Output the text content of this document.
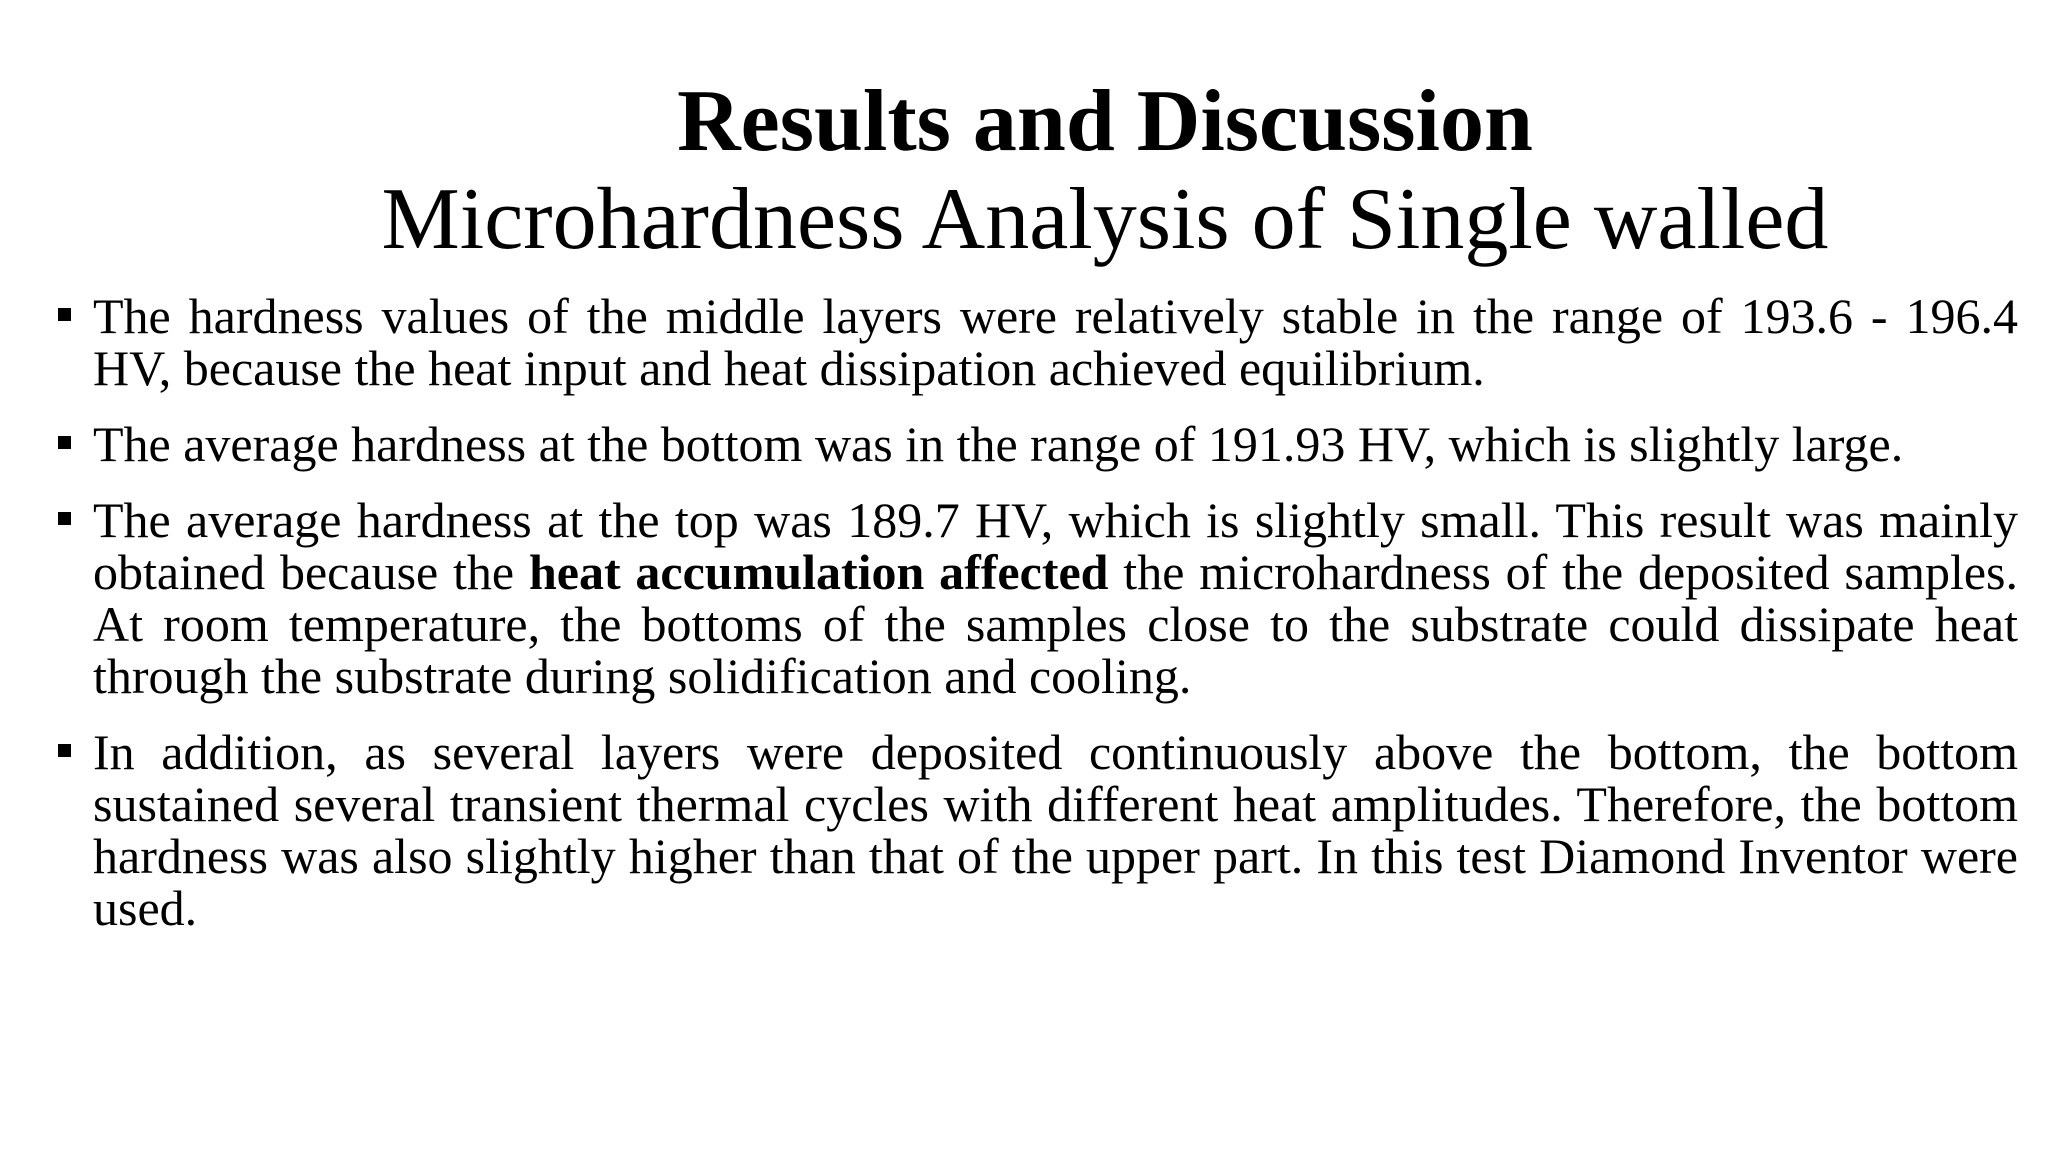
Results and Discussion
Microhardness Analysis of Single walled
The hardness values of the middle layers were relatively stable in the range of 193.6 - 196.4 HV, because the heat input and heat dissipation achieved equilibrium.
The average hardness at the bottom was in the range of 191.93 HV, which is slightly large.
The average hardness at the top was 189.7 HV, which is slightly small. This result was mainly obtained because the heat accumulation affected the microhardness of the deposited samples. At room temperature, the bottoms of the samples close to the substrate could dissipate heat through the substrate during solidification and cooling.
In addition, as several layers were deposited continuously above the bottom, the bottom sustained several transient thermal cycles with different heat amplitudes. Therefore, the bottom hardness was also slightly higher than that of the upper part. In this test Diamond Inventor were used.
